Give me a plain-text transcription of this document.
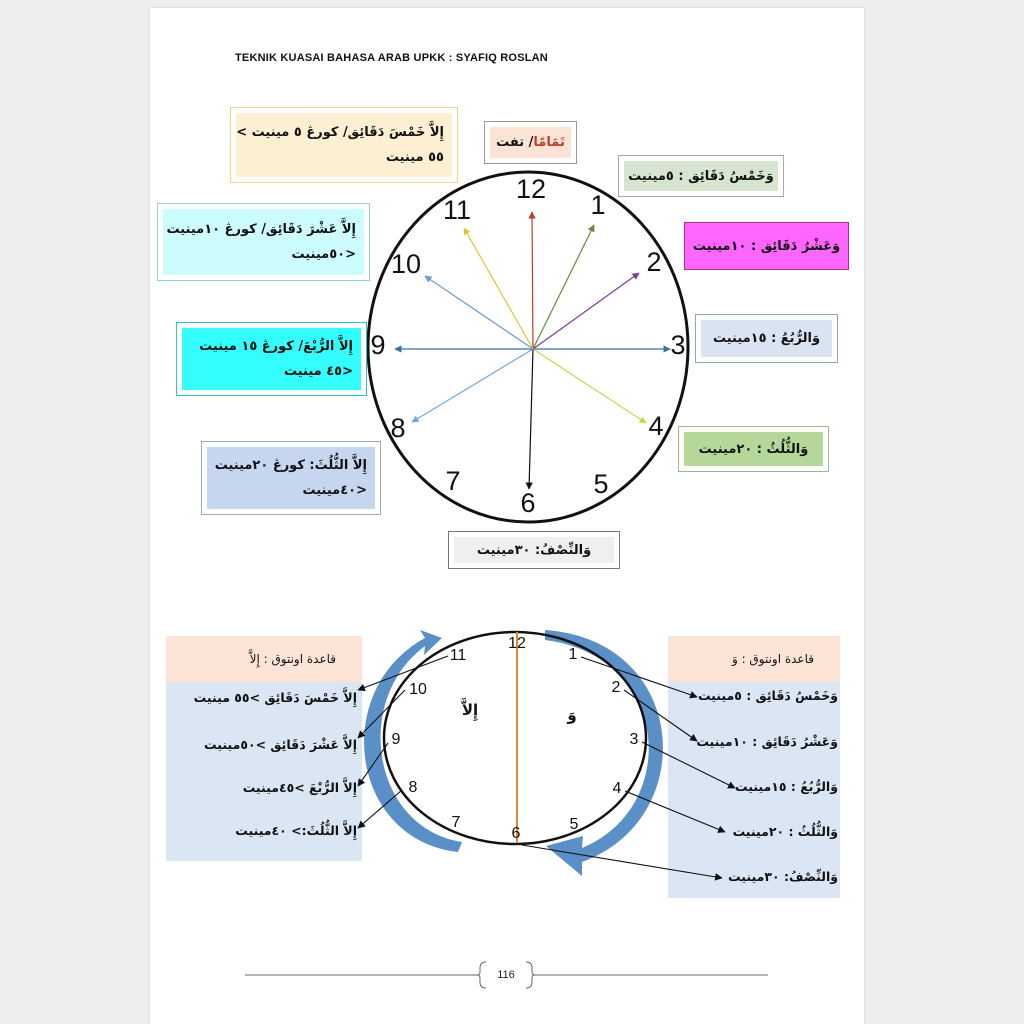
TEKNIK KUASAI BAHASA ARAB UPKK : SYAFIQ ROSLAN
12
1
2
3
4
5
6
7
8
9
10
11
تَمَامًا/ تفت
إِلاَّ خَمْسَ دَقَائِق/ كورڠ ٥ مينيت >
٥٥ مينيت
إِلاَّ عَشْرَ دَقَائِق/ كورڠ ١٠مينيت
<٥٠مينيت
إِلاَّ الرُّبْعَ/ كورڠ ١٥ مينيت
<٤٥ مينيت
إِلاَّ الثُّلُثَ: كورڠ ٢٠مينيت
<٤٠مينيت
وَخَمْسُ دَقَائِق : ٥مينيت
وَعَشْرُ دَقَائِق : ١٠مينيت
وَالرُّبُعُ : ١٥مينيت
وَالثُّلُثُ : ٢٠مينيت
وَالنِّصْفُ: ٣٠مينيت
قاعدة اونتوق : إِلاَّ
إِلاَّ خَمْسَ دَقَائِق >٥٥ مينيت
إِلاَّ عَشْرَ دَقَائِق >٥٠مينيت
إِلاَّ الرُّبْعَ >٤٥مينيت
إِلاَّ الثُّلُثَ:> ٤٠مينيت
قاعدة اونتوق : وَ
وَخَمْسُ دَقَائِق : ٥مينيت
وَعَشْرُ دَقَائِق : ١٠مينيت
وَالرُّبُعُ : ١٥مينيت
وَالثُّلُثُ : ٢٠مينيت
وَالنِّصْفُ: ٣٠مينيت
12
1
2
3
4
5
6
7
8
9
10
11
إِلاَّ	وَ
116
